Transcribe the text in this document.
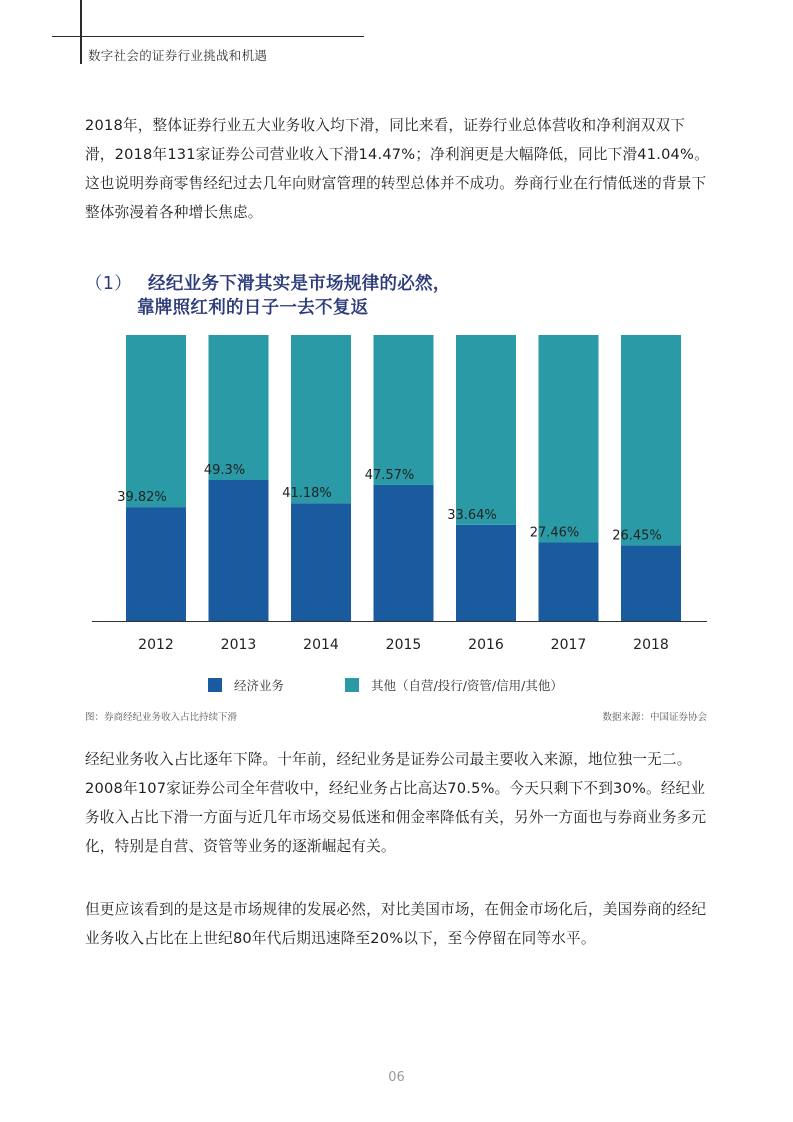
数字社会的证券行业挑战和机遇

2018年，整体证券行业五大业务收入均下滑，同比来看，证券行业总体营收和净利润双双下滑，2018年131家证券公司营业收入下滑14.47%；净利润更是大幅降低，同比下滑41.04%。这也说明券商零售经纪过去几年向财富管理的转型总体并不成功。券商行业在行情低迷的背景下整体弥漫着各种增长焦虑。

（1） 经纪业务下滑其实是市场规律的必然，
靠牌照红利的日子一去不复返
39.82%
2012
49.3%
2013
41.18%
2014
47.57%
2015
33.64%
2016
27.46%
2017
26.45%
2018
经济业务	其他（自营/投行/资管/信用/其他）
图：券商经纪业务收入占比持续下滑	数据来源：中国证券协会

经纪业务收入占比逐年下降。十年前，经纪业务是证券公司最主要收入来源，地位独一无二。2008年107家证券公司全年营收中，经纪业务占比高达70.5%。今天只剩下不到30%。经纪业务收入占比下滑一方面与近几年市场交易低迷和佣金率降低有关，另外一方面也与券商业务多元化，特别是自营、资管等业务的逐渐崛起有关。

但更应该看到的是这是市场规律的发展必然，对比美国市场，在佣金市场化后，美国券商的经纪业务收入占比在上世纪80年代后期迅速降至20%以下，至今停留在同等水平。

06
